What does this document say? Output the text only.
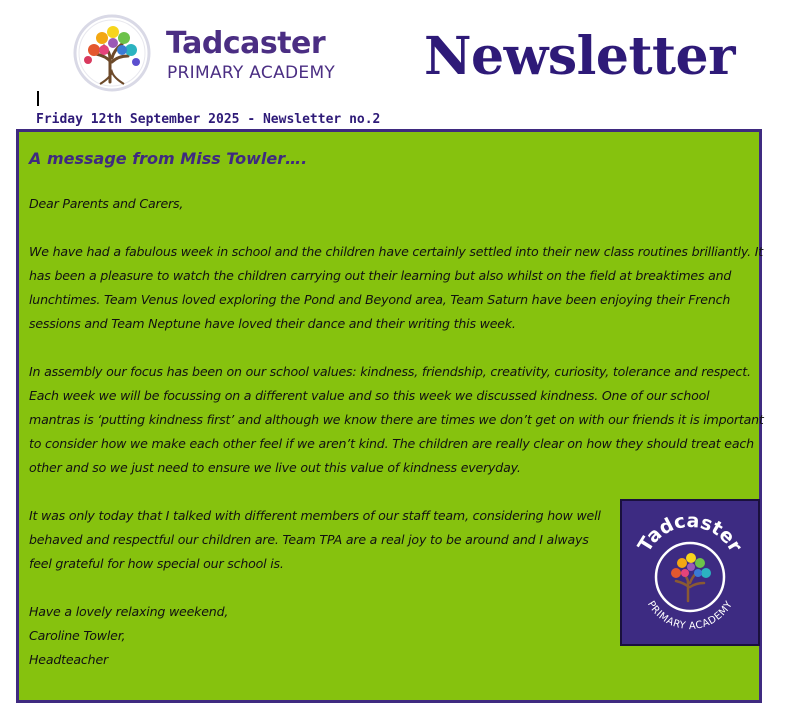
Tadcaster
PRIMARY ACADEMY Newsletter
Friday 12th September 2025 - Newsletter no.2
A message from Miss Towler….

Dear Parents and Carers,

We have had a fabulous week in school and the children have certainly settled into their new class routines brilliantly. It has been a pleasure to watch the children carrying out their learning but also whilst on the field at breaktimes and lunchtimes. Team Venus loved exploring the Pond and Beyond area, Team Saturn have been enjoying their French sessions and Team Neptune have loved their dance and their writing this week.

In assembly our focus has been on our school values: kindness, friendship, creativity, curiosity, tolerance and respect. Each week we will be focussing on a different value and so this week we discussed kindness. One of our school mantras is ‘putting kindness first’ and although we know there are times we don’t get on with our friends it is important to consider how we make each other feel if we aren’t kind. The children are really clear on how they should treat each other and so we just need to ensure we live out this value of kindness everyday.

It was only today that I talked with different members of our staff team, considering how well behaved and respectful our children are. Team TPA are a real joy to be around and I always feel grateful for how special our school is.

Have a lovely relaxing weekend,
Caroline Towler,
Headteacher

Tadcaster
PRIMARY ACADEMY
